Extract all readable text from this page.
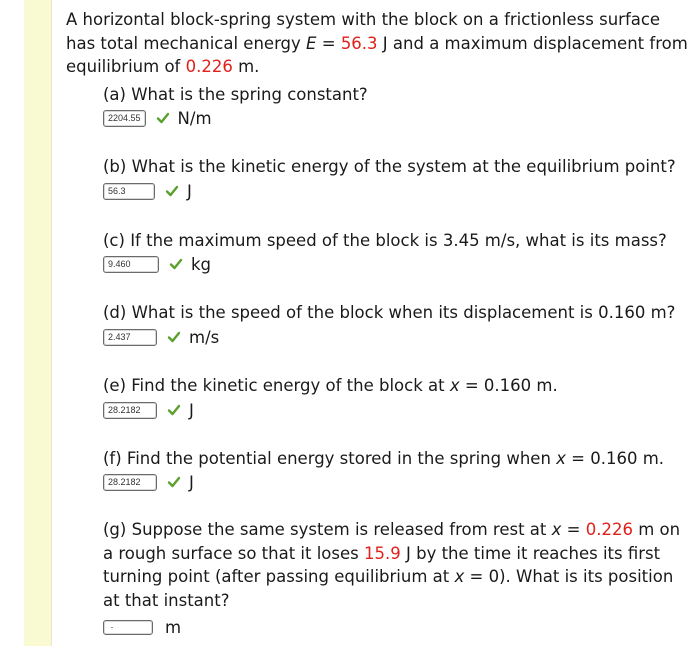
A horizontal block-spring system with the block on a frictionless surface has total mechanical energy E = 56.3 J and a maximum displacement from equilibrium of 0.226 m.
(a) What is the spring constant?
2204.55	N/m
(b) What is the kinetic energy of the system at the equilibrium point?
56.3	J
(c) If the maximum speed of the block is 3.45 m/s, what is its mass?
9.460	kg
(d) What is the speed of the block when its displacement is 0.160 m?
2.437	m/s
(e) Find the kinetic energy of the block at x = 0.160 m.
28.2182	J
(f) Find the potential energy stored in the spring when x = 0.160 m.
28.2182	J
(g) Suppose the same system is released from rest at x = 0.226 m on a rough surface so that it loses 15.9 J by the time it reaches its first turning point (after passing equilibrium at x = 0). What is its position at that instant?
m
